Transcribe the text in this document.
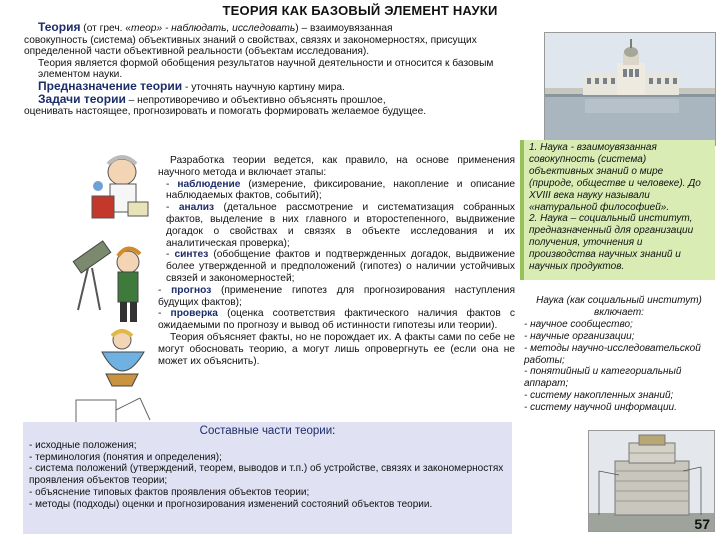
ТЕОРИЯ КАК БАЗОВЫЙ ЭЛЕМЕНТ НАУКИ

Теория (от греч. «теор» - наблюдать, исследовать) – взаимоувязанная

совокупность (система) объективных знаний о свойствах, связях и закономерностях, присущих определенной части объективной реальности (объектам исследования).

Теория является формой обобщения результатов научной деятельности и относится к базовым элементом науки.

Предназначение теории - уточнять научную картину мира.

Задачи теории – непротиворечиво и объективно объяснять прошлое,

оценивать настоящее, прогнозировать и помогать формировать желаемое будущее.

Разработка теории ведется, как правило, на основе применения научного метода и включает этапы:

- наблюдение (измерение, фиксирование, накопление и описание наблюдаемых фактов, событий);

- анализ (детальное рассмотрение и систематизация собранных фактов, выделение в них главного и второстепенного, выдвижение догадок о свойствах и связях в объекте исследования и их аналитическая проверка);

- синтез (обобщение фактов и подтвержденных догадок, выдвижение более утвержденной и предположений (гипотез) о наличии устойчивых связей и закономерностей;

- прогноз (применение гипотез для прогнозирования наступления будущих фактов);

- проверка (оценка соответствия фактического наличия фактов с ожидаемыми по прогнозу и вывод об истинности гипотезы или теории).

Теория объясняет факты, но не порождает их. А факты сами по себе не могут обосновать теорию, а могут лишь опровергнуть ее (если она не может их объяснить).

1. Наука - взаимоувязанная совокупность (система) объективных знаний о мире (природе, обществе и человеке). До XVIII века науку называли «натуральной философией».

2. Наука – социальный институт, предназначенный для организации получения, уточнения и производства научных знаний и научных продуктов.

Наука (как социальный институт) включает:

- научное сообщество;

- научные организации;

- методы научно-исследовательской работы;

- понятийный и категориальный аппарат;

- систему накопленных знаний;

- систему научной информации.

Составные части теории:

- исходные положения;

- терминология (понятия и определения);

- система положений (утверждений, теорем, выводов и т.п.) об устройстве, связях и закономерностях проявления объектов теории;

- объяснение типовых фактов проявления объектов теории;

- методы (подходы) оценки и прогнозирования изменений состояний объектов теории.

57
